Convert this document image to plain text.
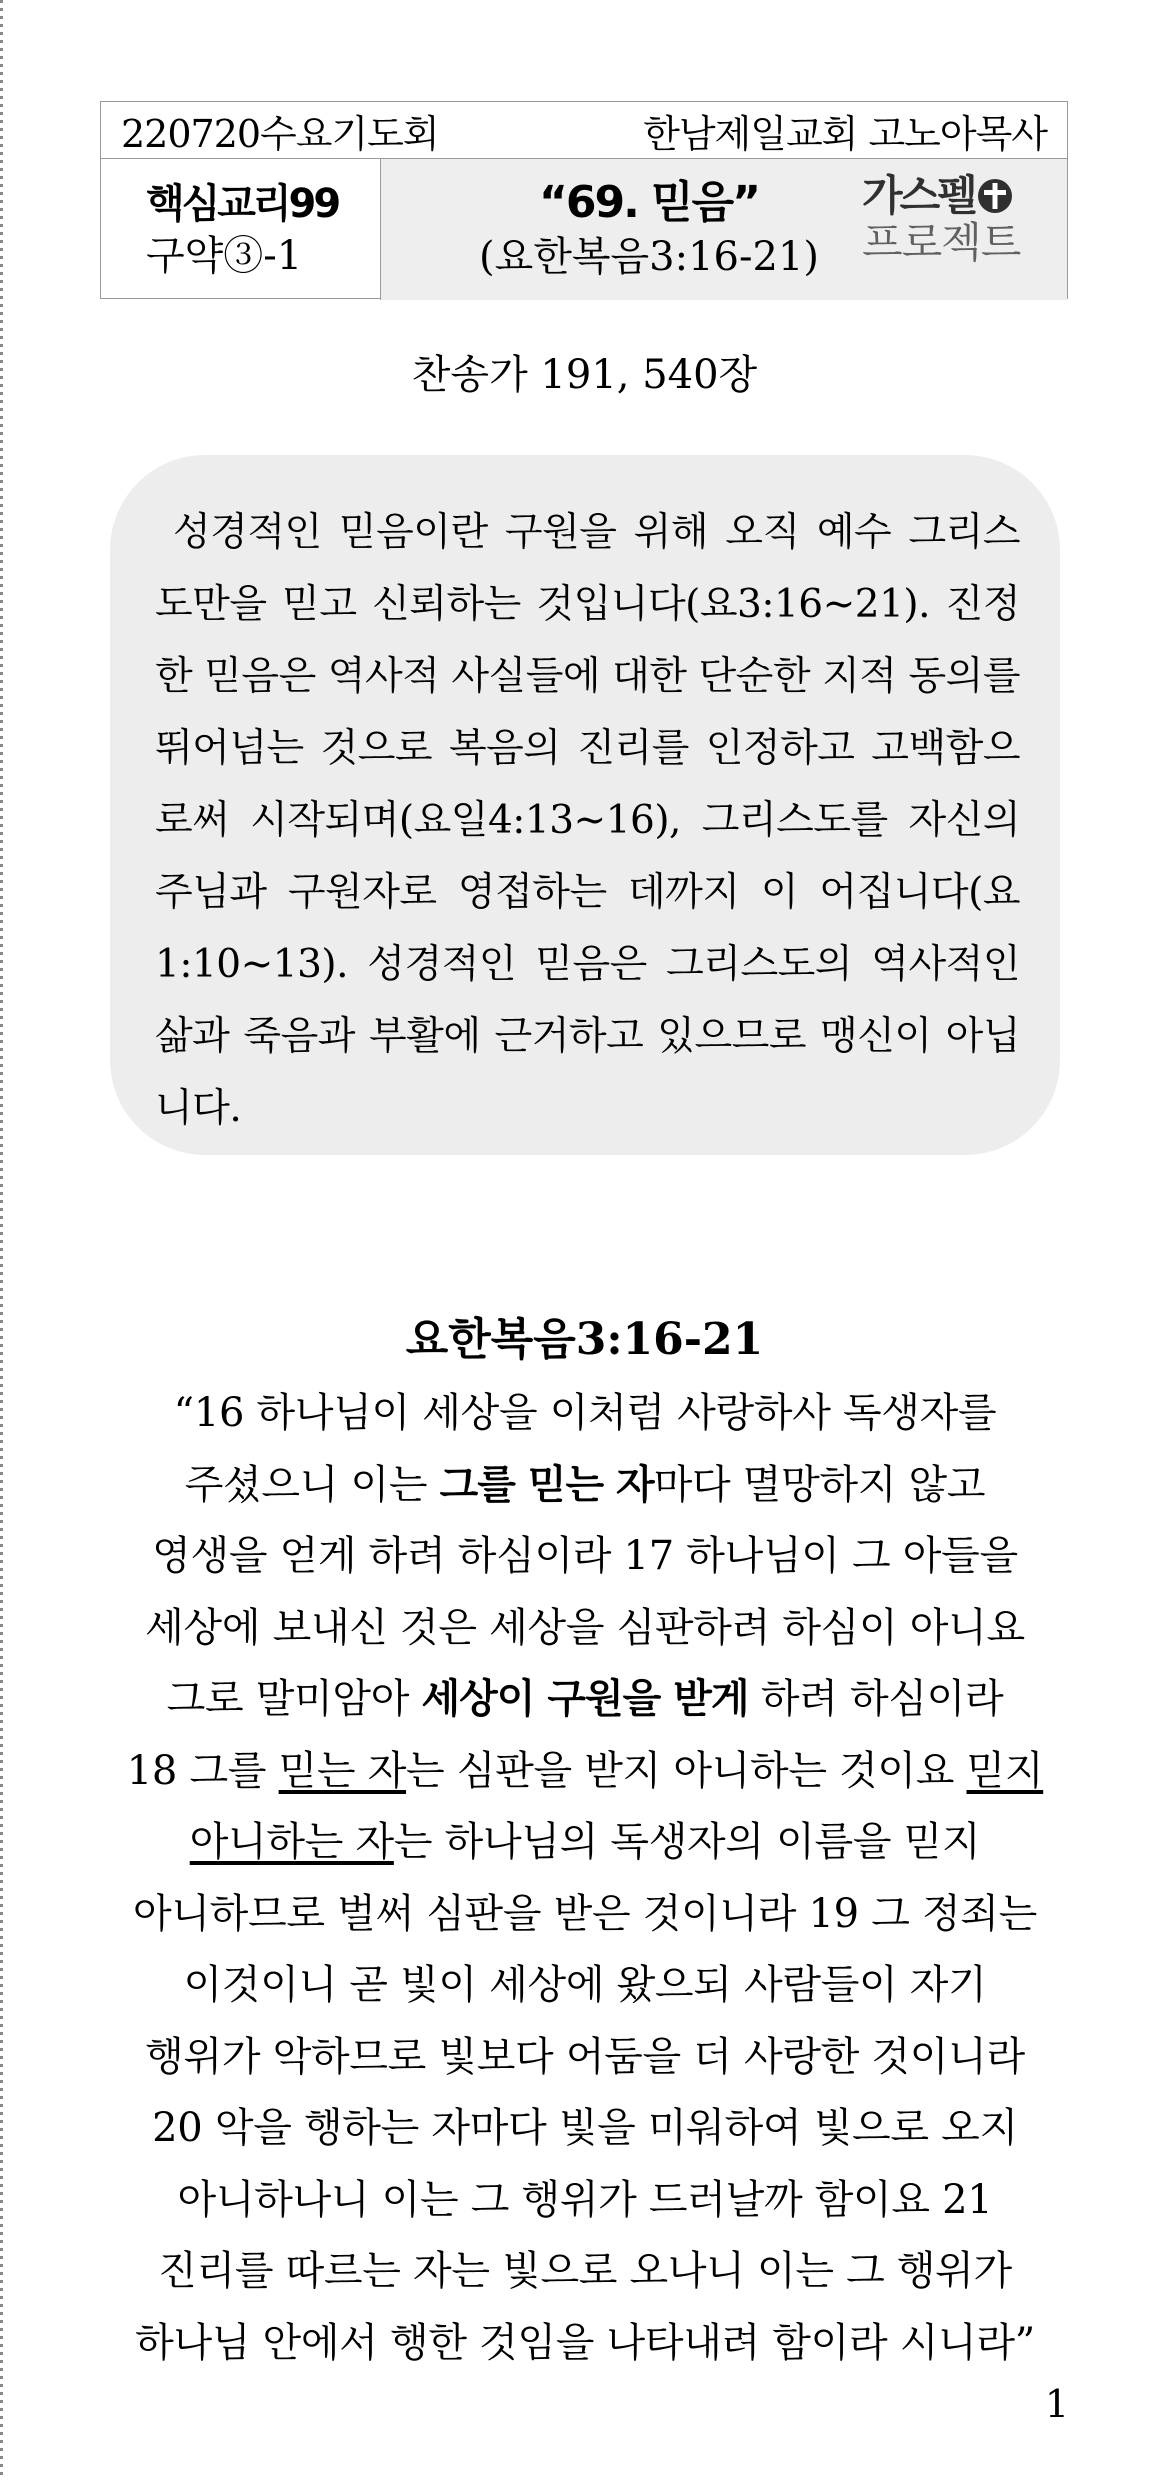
220720수요기도회	한남제일교회 고노아목사
핵심교리99
구약③-1
“69. 믿음”
(요한복음3:16-21)
가스펠
프로젝트
찬송가 191, 540장

성경적인 믿음이란 구원을 위해 오직 예수 그리스도만을 믿고 신뢰하는 것입니다(요3:16~21). 진정한 믿음은 역사적 사실들에 대한 단순한 지적 동의를 뛰어넘는 것으로 복음의 진리를 인정하고 고백함으로써 시작되며(요일4:13~16), 그리스도를 자신의 주님과 구원자로 영접하는 데까지 이 어집니다(요1:10~13). 성경적인 믿음은 그리스도의 역사적인 삶과 죽음과 부활에 근거하고 있으므로 맹신이 아닙니다.

요한복음3:16-21
“16 하나님이 세상을 이처럼 사랑하사 독생자를
주셨으니 이는 그를 믿는 자마다 멸망하지 않고
영생을 얻게 하려 하심이라 17 하나님이 그 아들을
세상에 보내신 것은 세상을 심판하려 하심이 아니요
그로 말미암아 세상이 구원을 받게 하려 하심이라
18 그를 믿는 자는 심판을 받지 아니하는 것이요 믿지
아니하는 자는 하나님의 독생자의 이름을 믿지
아니하므로 벌써 심판을 받은 것이니라 19 그 정죄는
이것이니 곧 빛이 세상에 왔으되 사람들이 자기
행위가 악하므로 빛보다 어둠을 더 사랑한 것이니라
20 악을 행하는 자마다 빛을 미워하여 빛으로 오지
아니하나니 이는 그 행위가 드러날까 함이요 21
진리를 따르는 자는 빛으로 오나니 이는 그 행위가
하나님 안에서 행한 것임을 나타내려 함이라 시니라”
1
